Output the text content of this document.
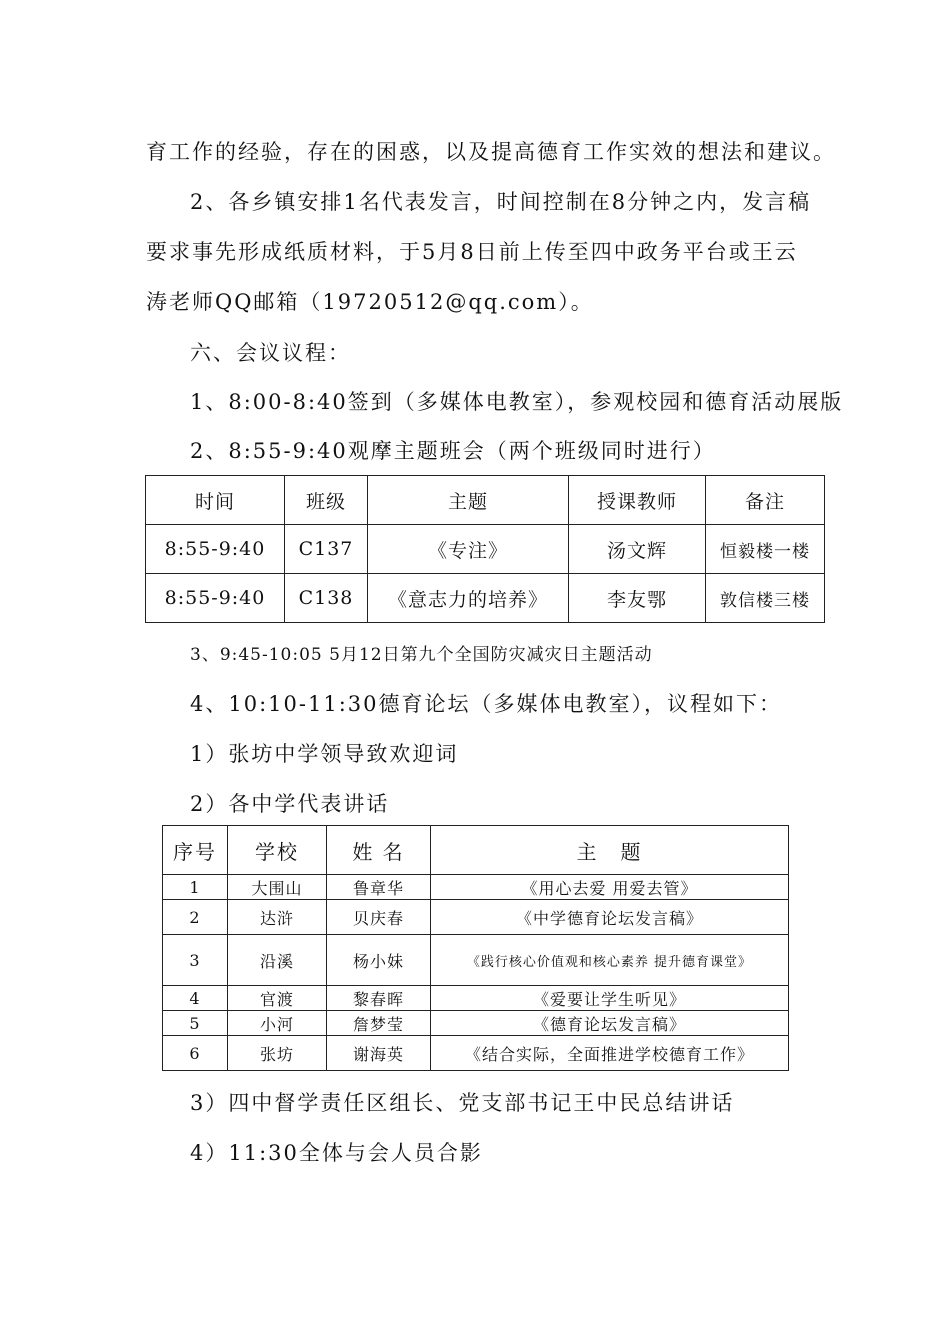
育工作的经验，存在的困惑，以及提高德育工作实效的想法和建议。
2、各乡镇安排1名代表发言，时间控制在8分钟之内，发言稿
要求事先形成纸质材料，于5月8日前上传至四中政务平台或王云
涛老师QQ邮箱（19720512@qq.com）。
六、会议议程：
1、8:00-8:40签到（多媒体电教室），参观校园和德育活动展版
2、8:55-9:40观摩主题班会（两个班级同时进行）
时间	班级	主题	授课教师	备注
8:55-9:40	C137	《专注》	汤文辉	恒毅楼一楼
8:55-9:40	C138	《意志力的培养》	李友鄂	敦信楼三楼
3、9:45-10:05 5月12日第九个全国防灾减灾日主题活动
4、10:10-11:30德育论坛（多媒体电教室），议程如下：
1）张坊中学领导致欢迎词
2）各中学代表讲话
序号	学校	姓 名	主　题
1	大围山	鲁章华	《用心去爱 用爱去管》
2	达浒	贝庆春	《中学德育论坛发言稿》
3	沿溪	杨小妹	《践行核心价值观和核心素养 提升德育课堂》
4	官渡	黎春晖	《爱要让学生听见》
5	小河	詹梦莹	《德育论坛发言稿》
6	张坊	谢海英	《结合实际，全面推进学校德育工作》
3）四中督学责任区组长、党支部书记王中民总结讲话
4）11:30全体与会人员合影
